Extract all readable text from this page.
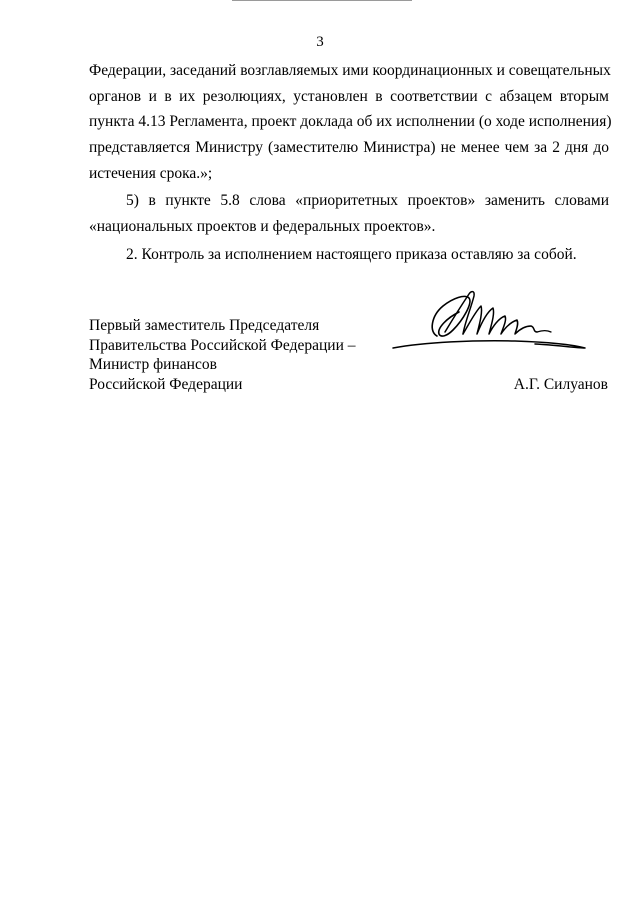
3
Федерации, заседаний возглавляемых ими координационных и совещательных
органов и в их резолюциях, установлен в соответствии с абзацем вторым
пункта 4.13 Регламента, проект доклада об их исполнении (о ходе исполнения)
представляется Министру (заместителю Министра) не менее чем за 2 дня до
истечения срока.»;
5) в пункте 5.8 слова «приоритетных проектов» заменить словами
«национальных проектов и федеральных проектов».
2. Контроль за исполнением настоящего приказа оставляю за собой.
Первый заместитель Председателя
Правительства Российской Федерации –
Министр финансов
Российской Федерации	А.Г. Силуанов
